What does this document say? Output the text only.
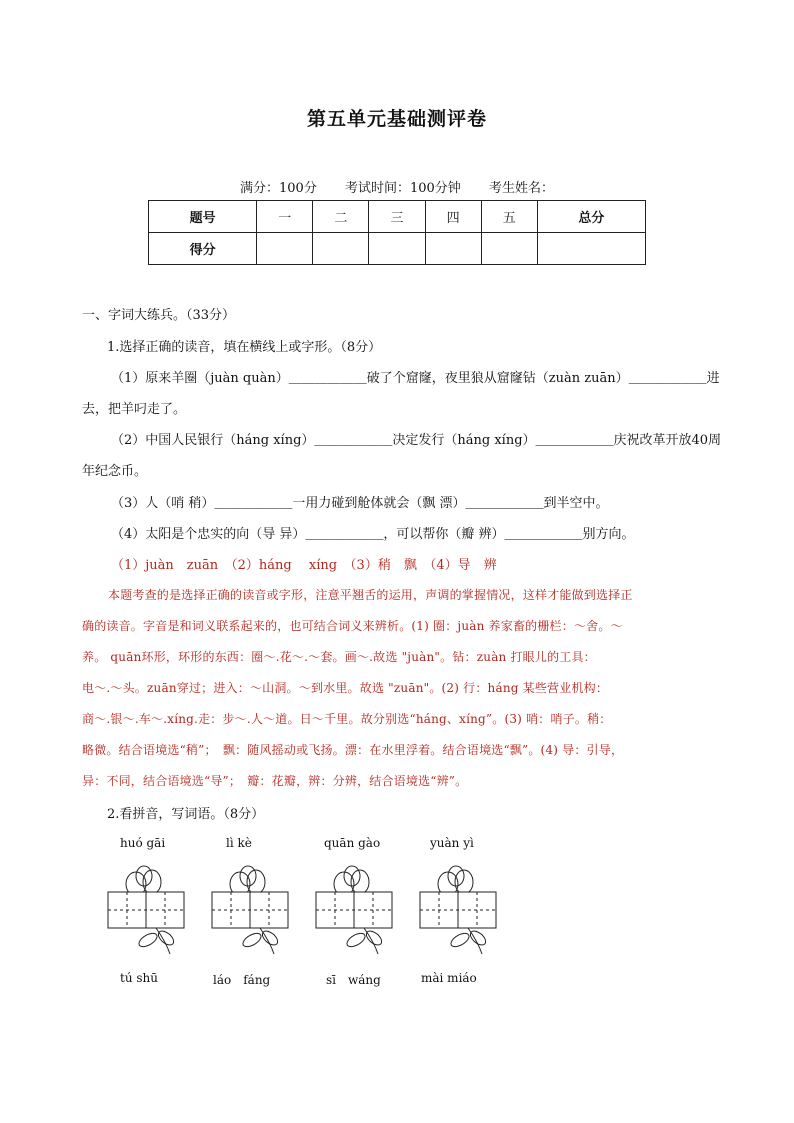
第五单元基础测评卷
满分：100分 考试时间：100分钟 考生姓名：
题号	一	二	三	四	五	总分
得分						
一、字词大练兵。（33分）
1.选择正确的读音，填在横线上或字形。（8分）
（1）原来羊圈（juàn quàn）＿＿＿＿＿＿破了个窟窿，夜里狼从窟窿钻（zuàn zuān）＿＿＿＿＿＿进
去，把羊叼走了。
（2）中国人民银行（háng xíng）＿＿＿＿＿＿决定发行（háng xíng）＿＿＿＿＿＿庆祝改革开放40周
年纪念币。
（3）人（哨 稍）＿＿＿＿＿＿一用力碰到舱体就会（飘 漂）＿＿＿＿＿＿到半空中。
（4）太阳是个忠实的向（导 异）＿＿＿＿＿＿，可以帮你（瓣 辨）＿＿＿＿＿＿别方向。
（1）juàn　zuān　（2）háng　 xíng　（3）稍　飘　（4）导　辨
本题考查的是选择正确的读音或字形，注意平翘舌的运用，声调的掌握情况，这样才能做到选择正
确的读音。字音是和词义联系起来的，也可结合词义来辨析。(1) 圈：juàn 养家畜的栅栏：～舍。～
养。 quān环形，环形的东西：圈～.花～.～套。画～.故选 "juàn"。钻：zuàn 打眼儿的工具：
电～.～头。zuān穿过；进入：～山洞。～到水里。故选 "zuān"。(2) 行：háng 某些营业机构：
商～.银～.车～.xíng.走：步～.人～道。日～千里。故分别选“háng、xíng”。(3) 哨：哨子。稍：
略微。结合语境选“稍”；　飘：随风摇动或飞扬。漂：在水里浮着。结合语境选“飘”。(4) 导：引导，
异：不同，结合语境选“导”；　瓣：花瓣，辨：分辨，结合语境选“辨”。
2.看拼音，写词语。（8分）
huó gāi	lì kè	quān gào	yuàn yì
tú shū	láo　fáng	sī　wáng	mài miáo
